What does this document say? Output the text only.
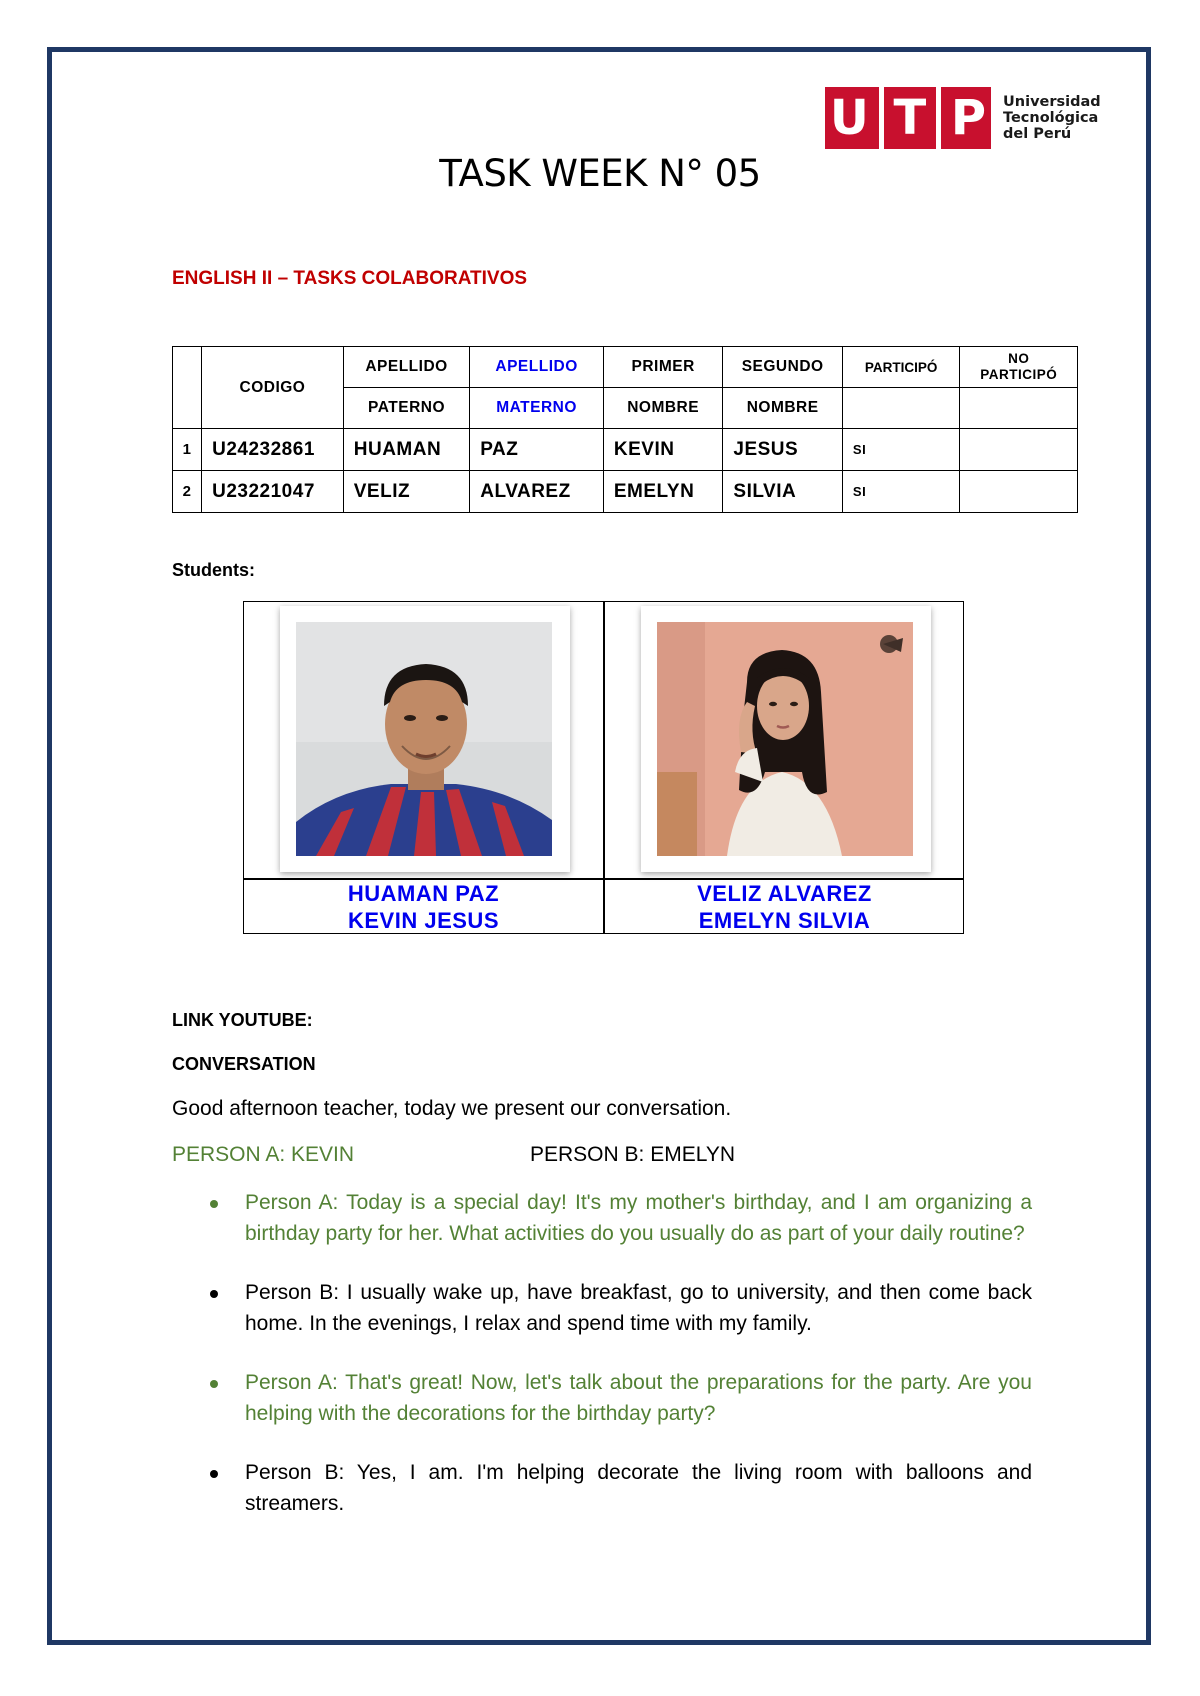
U T P Universidad
Tecnológica
del Perú
TASK WEEK N° 05
ENGLISH II – TASKS COLABORATIVOS
	CODIGO	APELLIDO	APELLIDO	PRIMER	SEGUNDO	PARTICIPÓ	NO PARTICIPÓ
		PATERNO	MATERNO	NOMBRE	NOMBRE		
1	U24232861	HUAMAN	PAZ	KEVIN	JESUS	SI	
2	U23221047	VELIZ	ALVAREZ	EMELYN	SILVIA	SI	
Students:
HUAMAN PAZ
KEVIN JESUS
VELIZ ALVAREZ
EMELYN SILVIA
LINK YOUTUBE:
CONVERSATION
Good afternoon teacher, today we present our conversation.
PERSON A: KEVIN	PERSON B: EMELYN
Person A: Today is a special day! It's my mother's birthday, and I am organizing a birthday party for her. What activities do you usually do as part of your daily routine?
Person B: I usually wake up, have breakfast, go to university, and then come back home. In the evenings, I relax and spend time with my family.
Person A: That's great! Now, let's talk about the preparations for the party. Are you helping with the decorations for the birthday party?
Person B: Yes, I am. I'm helping decorate the living room with balloons and streamers.
